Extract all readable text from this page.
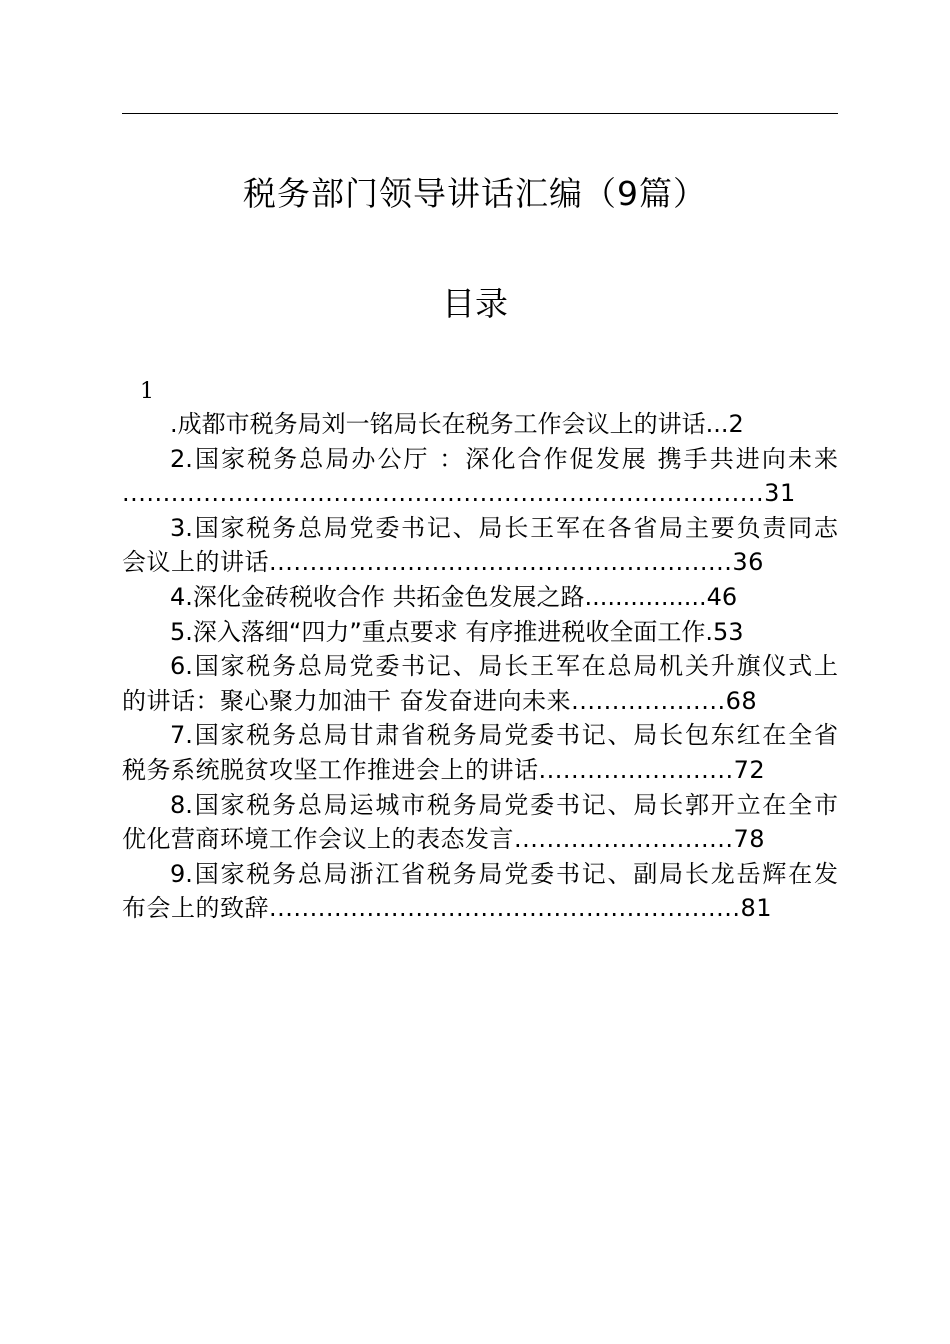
税务部门领导讲话汇编（9篇）
目录
1
.成都市税务局刘一铭局长在税务工作会议上的讲话...2
2.国家税务总局办公厅 ：深化合作促发展 携手共进向未来
...............................................................................31
3.国家税务总局党委书记、局长王军在各省局主要负责同志
会议上的讲话.........................................................36
4.深化金砖税收合作 共拓金色发展之路................46
5.深入落细“四力”重点要求 有序推进税收全面工作.53
6.国家税务总局党委书记、局长王军在总局机关升旗仪式上
的讲话：聚心聚力加油干 奋发奋进向未来...................68
7.国家税务总局甘肃省税务局党委书记、局长包东红在全省
税务系统脱贫攻坚工作推进会上的讲话........................72
8.国家税务总局运城市税务局党委书记、局长郭开立在全市
优化营商环境工作会议上的表态发言...........................78
9.国家税务总局浙江省税务局党委书记、副局长龙岳辉在发
布会上的致辞..........................................................81
